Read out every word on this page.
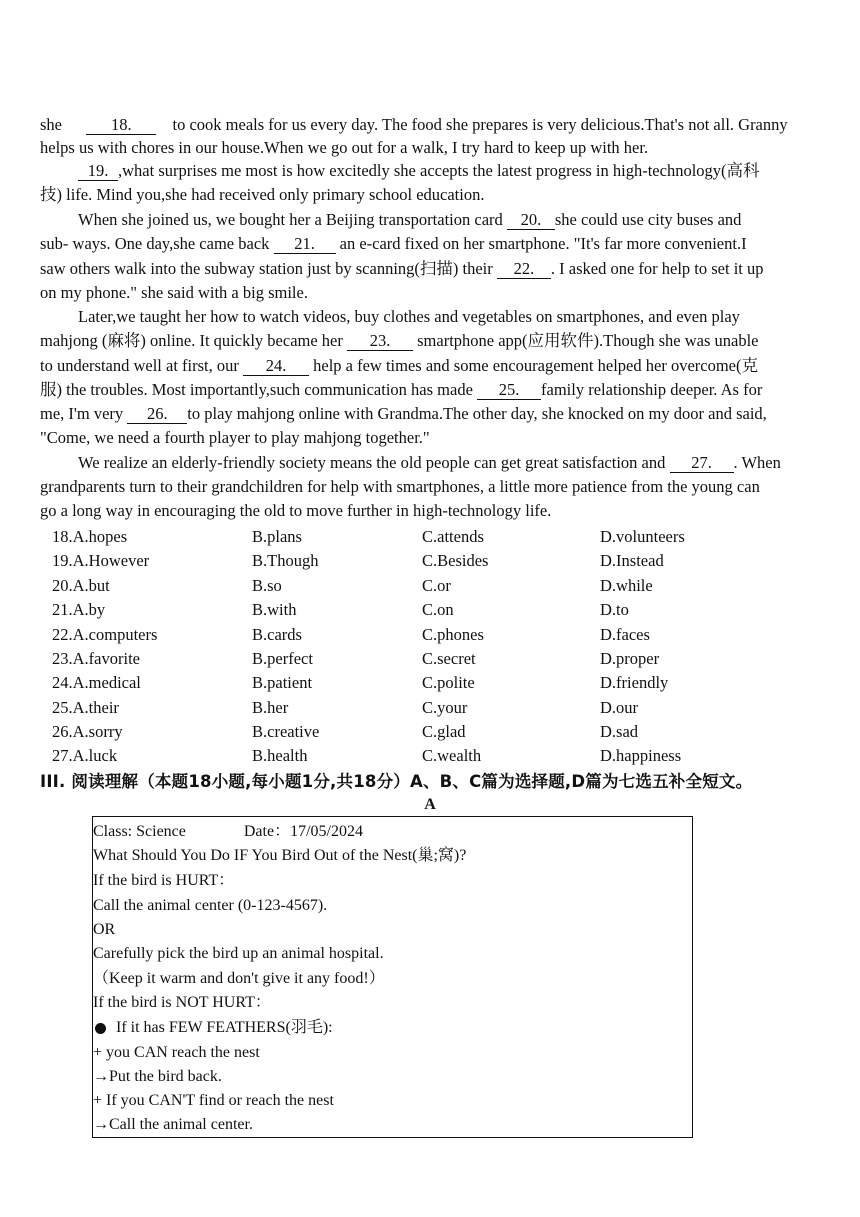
she	18. to cook meals for us every day. The food she prepares is very delicious.That's not all. Granny
helps us with chores in our house.When we go out for a walk, I try hard to keep up with her.
19. ,what surprises me most is how excitedly she accepts the latest progress in high-technology(高科
技) life. Mind you,she had received only primary school education.
When she joined us, we bought her a Beijing transportation card 20. she could use city buses and
sub- ways. One day,she came back 21. an e-card fixed on her smartphone. "It's far more convenient.I
saw others walk into the subway station just by scanning(扫描) their 22. . I asked one for help to set it up
on my phone." she said with a big smile.
Later,we taught her how to watch videos, buy clothes and vegetables on smartphones, and even play
mahjong (麻将) online. It quickly became her 23. smartphone app(应用软件).Though she was unable
to understand well at first, our 24. help a few times and some encouragement helped her overcome(克
服) the troubles. Most importantly,such communication has made 25. family relationship deeper. As for
me, I'm very 26. to play mahjong online with Grandma.The other day, she knocked on my door and said,
"Come, we need a fourth player to play mahjong together."
We realize an elderly-friendly society means the old people can get great satisfaction and 27. . When
grandparents turn to their grandchildren for help with smartphones, a little more patience from the young can
go a long way in encouraging the old to move further in high-technology life.
18.A.hopes	B.plans	C.attends	D.volunteers
19.A.However	B.Though	C.Besides	D.Instead
20.A.but	B.so	C.or	D.while
21.A.by	B.with	C.on	D.to
22.A.computers	B.cards	C.phones	D.faces
23.A.favorite	B.perfect	C.secret	D.proper
24.A.medical	B.patient	C.polite	D.friendly
25.A.their	B.her	C.your	D.our
26.A.sorry	B.creative	C.glad	D.sad
27.A.luck	B.health	C.wealth	D.happiness
III. 阅读理解（本题18小题,每小题1分,共18分）A、B、C篇为选择题,D篇为七选五补全短文。
A
Class: Science	Date：17/05/2024
What Should You Do IF You Bird Out of the Nest(巢;窝)?
If the bird is HURT：
Call the animal center (0-123-4567).
OR
Carefully pick the bird up an animal hospital.
（Keep it warm and don't give it any food!）
If the bird is NOT HURT：
If it has FEW FEATHERS(羽毛):
+ you CAN reach the nest
→Put the bird back.
+ If you CAN'T find or reach the nest
→Call the animal center.
